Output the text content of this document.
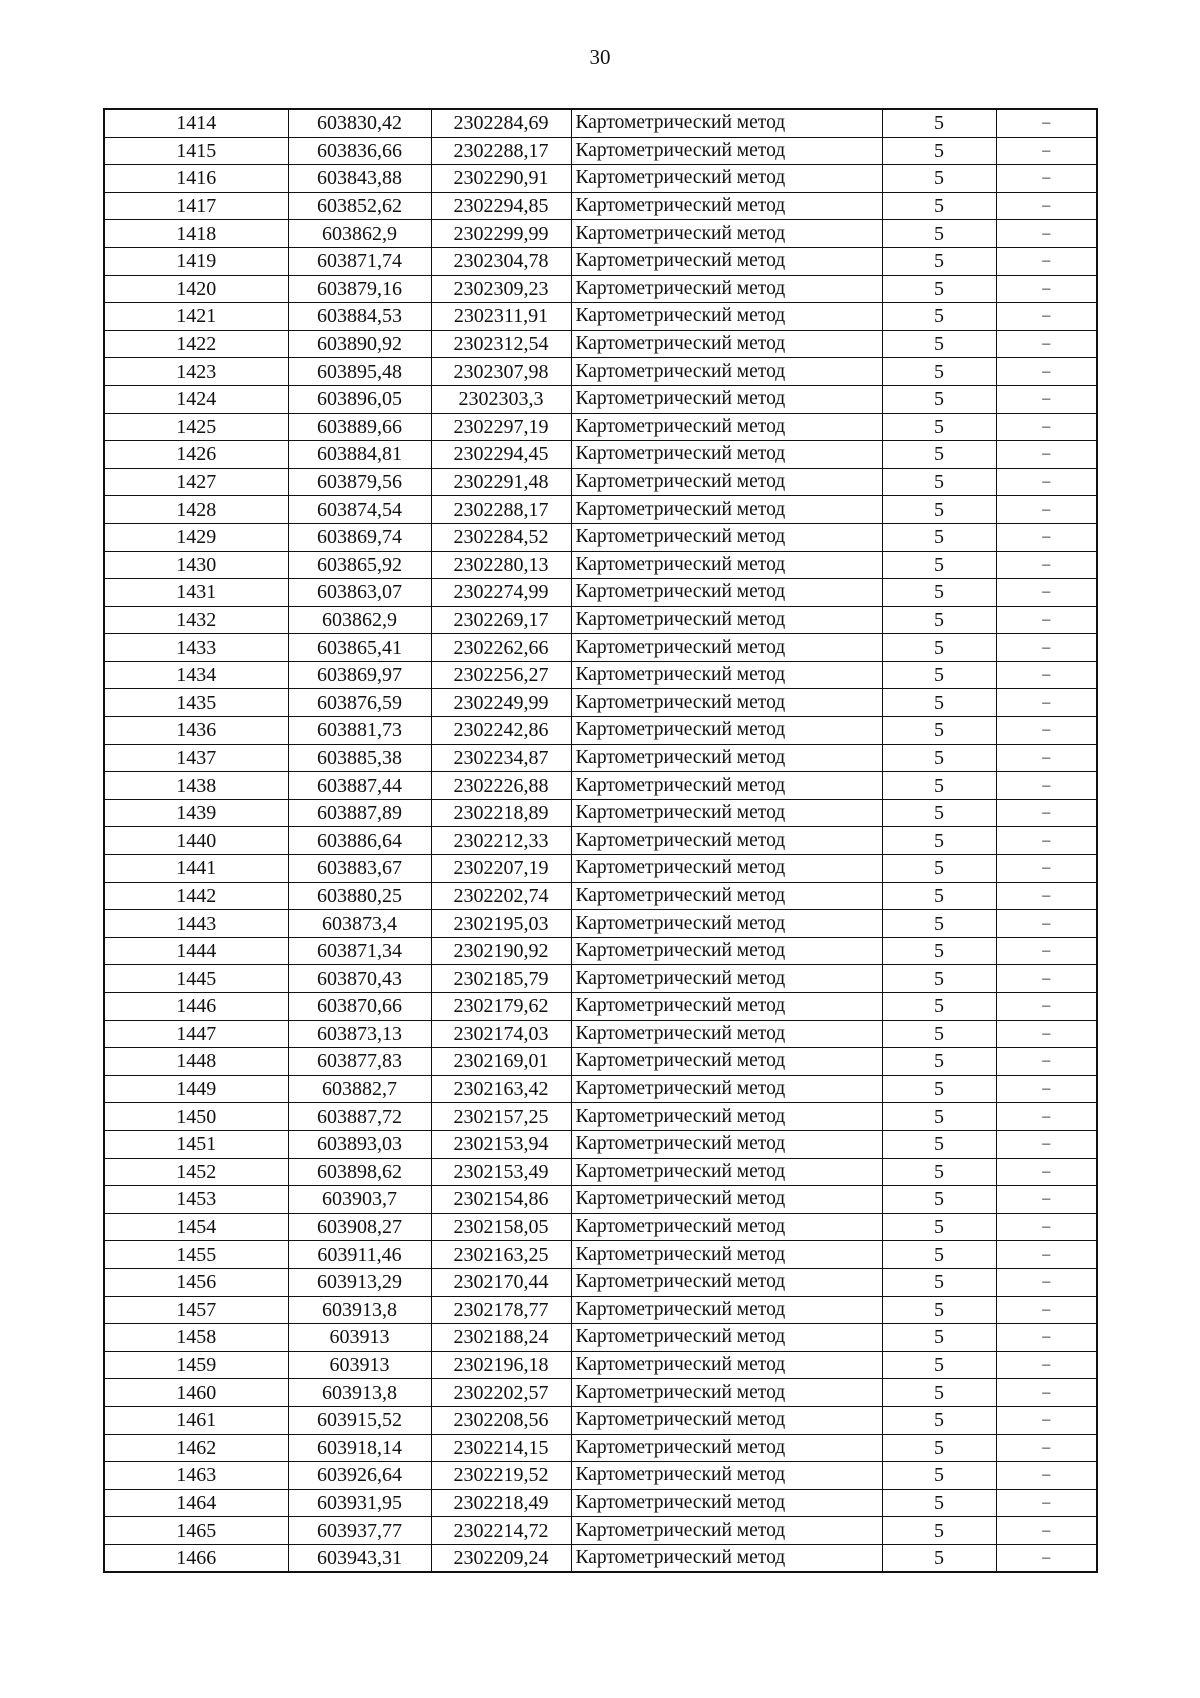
30
1414	603830,42	2302284,69	Картометрический метод	5	–
1415	603836,66	2302288,17	Картометрический метод	5	–
1416	603843,88	2302290,91	Картометрический метод	5	–
1417	603852,62	2302294,85	Картометрический метод	5	–
1418	603862,9	2302299,99	Картометрический метод	5	–
1419	603871,74	2302304,78	Картометрический метод	5	–
1420	603879,16	2302309,23	Картометрический метод	5	–
1421	603884,53	2302311,91	Картометрический метод	5	–
1422	603890,92	2302312,54	Картометрический метод	5	–
1423	603895,48	2302307,98	Картометрический метод	5	–
1424	603896,05	2302303,3	Картометрический метод	5	–
1425	603889,66	2302297,19	Картометрический метод	5	–
1426	603884,81	2302294,45	Картометрический метод	5	–
1427	603879,56	2302291,48	Картометрический метод	5	–
1428	603874,54	2302288,17	Картометрический метод	5	–
1429	603869,74	2302284,52	Картометрический метод	5	–
1430	603865,92	2302280,13	Картометрический метод	5	–
1431	603863,07	2302274,99	Картометрический метод	5	–
1432	603862,9	2302269,17	Картометрический метод	5	–
1433	603865,41	2302262,66	Картометрический метод	5	–
1434	603869,97	2302256,27	Картометрический метод	5	–
1435	603876,59	2302249,99	Картометрический метод	5	–
1436	603881,73	2302242,86	Картометрический метод	5	–
1437	603885,38	2302234,87	Картометрический метод	5	–
1438	603887,44	2302226,88	Картометрический метод	5	–
1439	603887,89	2302218,89	Картометрический метод	5	–
1440	603886,64	2302212,33	Картометрический метод	5	–
1441	603883,67	2302207,19	Картометрический метод	5	–
1442	603880,25	2302202,74	Картометрический метод	5	–
1443	603873,4	2302195,03	Картометрический метод	5	–
1444	603871,34	2302190,92	Картометрический метод	5	–
1445	603870,43	2302185,79	Картометрический метод	5	–
1446	603870,66	2302179,62	Картометрический метод	5	–
1447	603873,13	2302174,03	Картометрический метод	5	–
1448	603877,83	2302169,01	Картометрический метод	5	–
1449	603882,7	2302163,42	Картометрический метод	5	–
1450	603887,72	2302157,25	Картометрический метод	5	–
1451	603893,03	2302153,94	Картометрический метод	5	–
1452	603898,62	2302153,49	Картометрический метод	5	–
1453	603903,7	2302154,86	Картометрический метод	5	–
1454	603908,27	2302158,05	Картометрический метод	5	–
1455	603911,46	2302163,25	Картометрический метод	5	–
1456	603913,29	2302170,44	Картометрический метод	5	–
1457	603913,8	2302178,77	Картометрический метод	5	–
1458	603913	2302188,24	Картометрический метод	5	–
1459	603913	2302196,18	Картометрический метод	5	–
1460	603913,8	2302202,57	Картометрический метод	5	–
1461	603915,52	2302208,56	Картометрический метод	5	–
1462	603918,14	2302214,15	Картометрический метод	5	–
1463	603926,64	2302219,52	Картометрический метод	5	–
1464	603931,95	2302218,49	Картометрический метод	5	–
1465	603937,77	2302214,72	Картометрический метод	5	–
1466	603943,31	2302209,24	Картометрический метод	5	–
